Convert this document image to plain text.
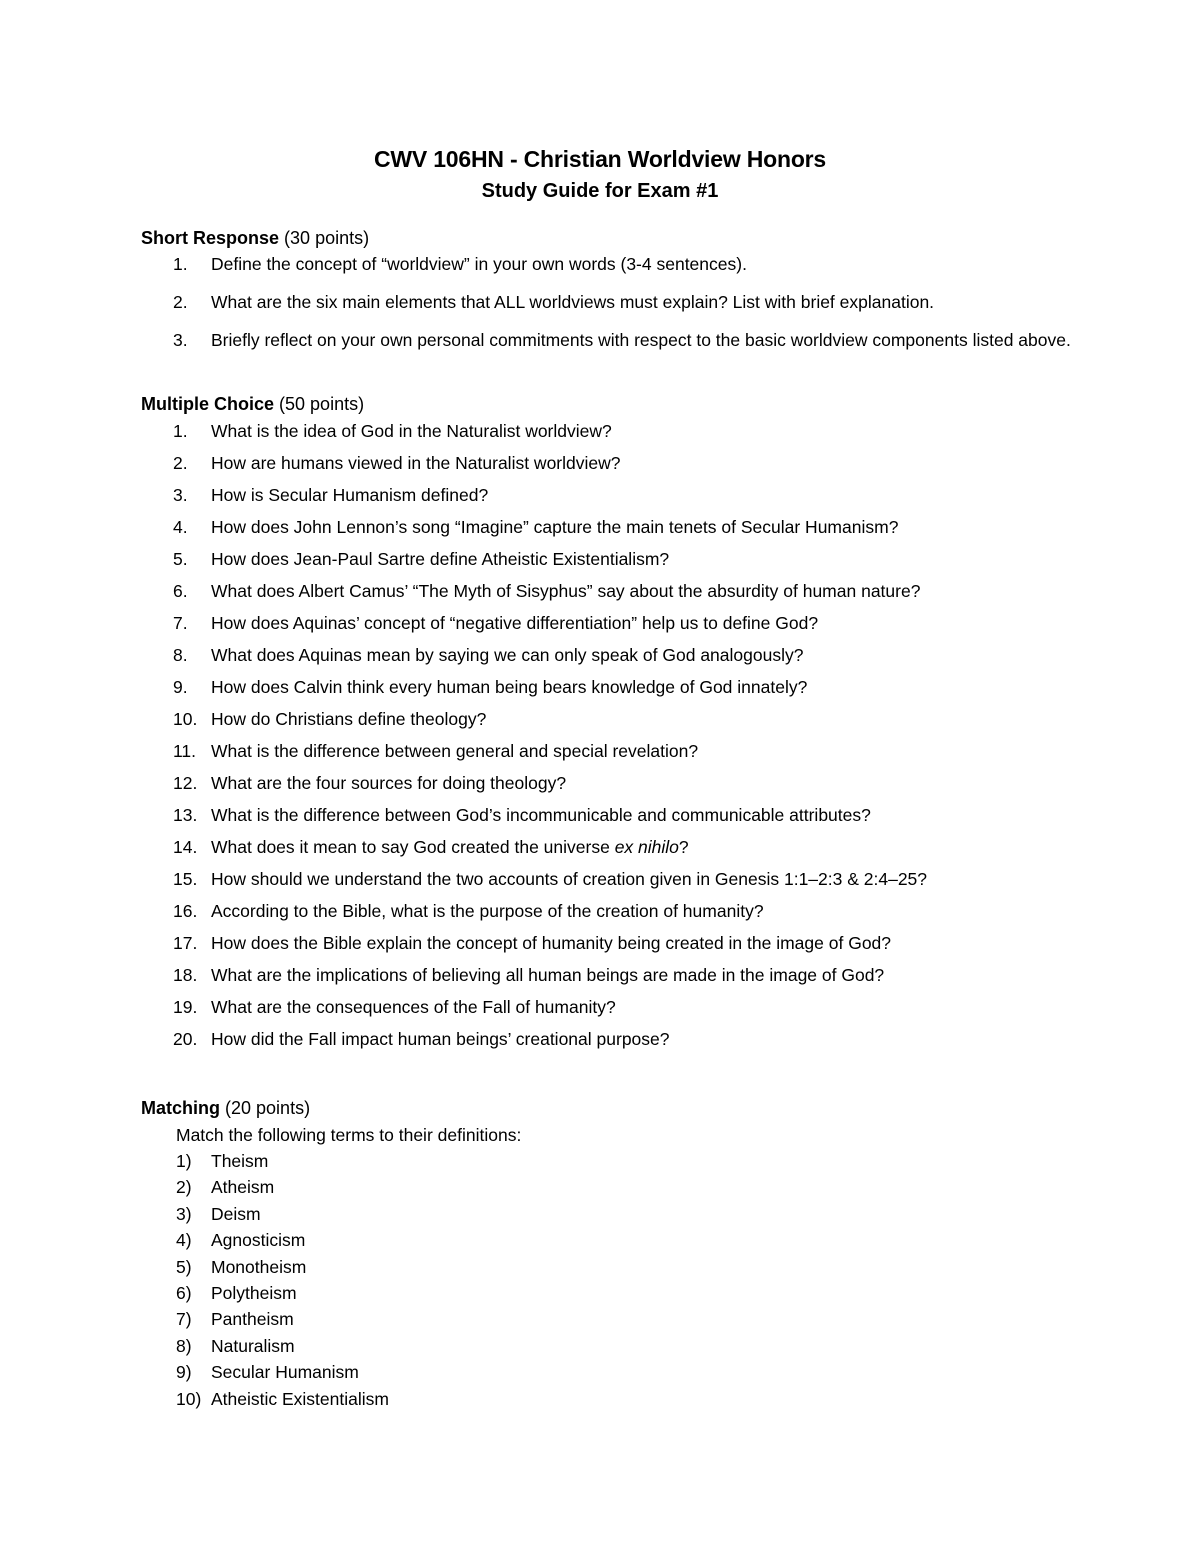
CWV 106HN - Christian Worldview Honors
Study Guide for Exam #1
Short Response (30 points)
1. Define the concept of “worldview” in your own words (3-4 sentences).
2. What are the six main elements that ALL worldviews must explain? List with brief explanation.
3. Briefly reflect on your own personal commitments with respect to the basic worldview components listed above.
Multiple Choice (50 points)
1. What is the idea of God in the Naturalist worldview?
2. How are humans viewed in the Naturalist worldview?
3. How is Secular Humanism defined?
4. How does John Lennon’s song “Imagine” capture the main tenets of Secular Humanism?
5. How does Jean-Paul Sartre define Atheistic Existentialism?
6. What does Albert Camus’ “The Myth of Sisyphus” say about the absurdity of human nature?
7. How does Aquinas’ concept of “negative differentiation” help us to define God?
8. What does Aquinas mean by saying we can only speak of God analogously?
9. How does Calvin think every human being bears knowledge of God innately?
10. How do Christians define theology?
11. What is the difference between general and special revelation?
12. What are the four sources for doing theology?
13. What is the difference between God’s incommunicable and communicable attributes?
14. What does it mean to say God created the universe ex nihilo?
15. How should we understand the two accounts of creation given in Genesis 1:1–2:3 & 2:4–25?
16. According to the Bible, what is the purpose of the creation of humanity?
17. How does the Bible explain the concept of humanity being created in the image of God?
18. What are the implications of believing all human beings are made in the image of God?
19. What are the consequences of the Fall of humanity?
20. How did the Fall impact human beings’ creational purpose?
Matching (20 points)
Match the following terms to their definitions:
1) Theism
2) Atheism
3) Deism
4) Agnosticism
5) Monotheism
6) Polytheism
7) Pantheism
8) Naturalism
9) Secular Humanism
10) Atheistic Existentialism
